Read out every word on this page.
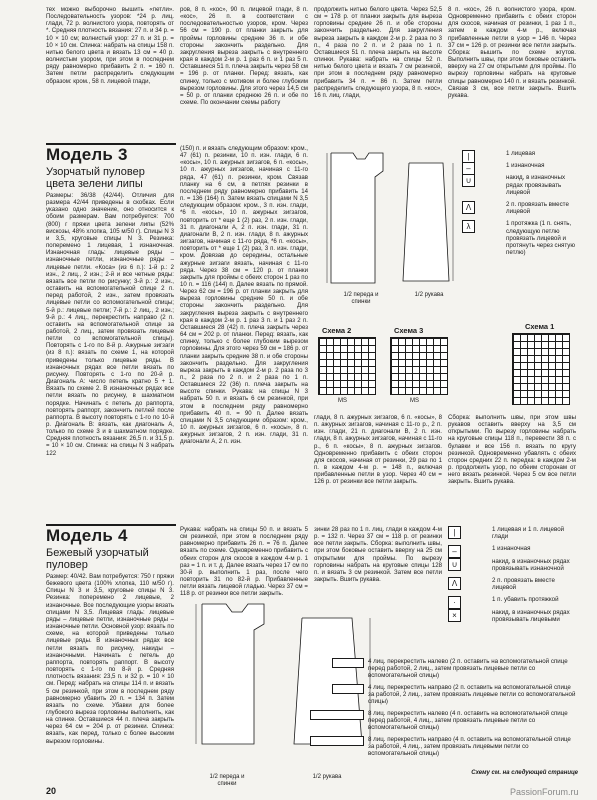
тех можно выборочно вышить «петли». Последовательность узоров: *24 р. лиц. глади, 72 р. волнистого узора, повторять от *. Средняя плотность вязания: 27 п. и 34 р. = 10 × 10 см; волнистый узор: 27 п. и 31 р. = 10 × 10 см. Спинка: набрать на спицы 158 п. нитью белого цвета и вязать 13 см = 40 р. волнистым узором, при этом в последнем ряду равномерно прибавить 2 п. = 160 п. Затем петли распределить следующим образом: кром., 58 п. лицевой глади,
ров, 8 п. «кос», 90 п. лицевой глади, 8 п. «кос», 26 п. в соответствии с последовательностью узоров, кром. Через 56 см = 190 р. от планки закрыть для проймы горловины средние 36 п. и обе стороны закончить раздельно. Для закругления выреза закрыть с внутреннего края в каждом 2-м р. 1 раз 6 п. и 1 раз 5 п. Оставшиеся 51 п. плеча закрыть через 58 см = 196 р. от планки. Перед: вязать, как спинку, только с мотивом и более глубоким вырезом горловины. Для этого через 14,5 см = 50 р. от планки среднюю 26 п. и обе по схеме. По окончании схемы работу
продолжить нитью белого цвета. Через 52,5 см = 178 р. от планки закрыть для выреза горловины средние 26 п. и обе стороны закончить раздельно. Для закругления выреза закрыть в каждом 2-м р. 2 раза по 3 п., 4 раза по 2 п. и 2 раза по 1 п. Оставшиеся 51 п. плеча закрыть на высоте спинки. Рукава: набрать на спицы 52 п. нитью белого цвета и вязать 7 см резинкой, при этом в последнем ряду равномерно прибавить 34 п. = 86 п. Затем петли распределить следующего узора, 8 п. «кос», 16 п. лиц. глади,
8 п. «кос», 26 п. волнистого узора, кром. Одновременно прибавить с обеих сторон для скосов, начиная от резинки, 1 раз 1 п., затем в каждом 4-м р., включая прибавленные петли в узор = 146 п. Через 37 см = 126 р. от резинки все петли закрыть. Сборка: вышить по схеме жгутов. Выполнить швы, при этом боковые оставить вверху на 27 см открытыми для проймы. По вырезу горловины набрать на круговые спицы равномерно 140 п. и вязать резинкой. Связав 3 см, все петли закрыть. Вшить рукава.
Модель 3
Узорчатый пуловер цвета зелени липы
Размеры: 36/38 (42/44). Отличия для размера 42/44 приведены в скобках. Если указано одно значение, оно относится к обоим размерам. Вам потребуется: 700 (800) г пряжи цвета зелени липы (52% вискозы, 48% хлопка, 105 м/50 г). Спицы N 3 и 3,5, круговые спицы N 3. Резинка: поперемено 1 лицевая, 1 изнаночная. Изнаночная гладь: лицевые ряды – изнаночные петли, изнаночные ряды – лицевые петли. «Коса» (из 6 п.): 1-й р.: 2 изн., 2 лиц., 2 изн.; 2-й и все четные ряды: вязать все петли по рисунку; 3-й р.: 2 изн., оставить на вспомогательной спице 2 п. перед работой, 2 изн., затем провязать лицевые петли со вспомогательной спицы; 5-й р.: лицевые петли; 7-й р.: 2 лиц., 2 изн.; 9-й р.: 4 лиц., перекрестить направо (2 п. оставить на вспомогательной спице за работой, 2 лиц., затем провязать лицевые петли со вспомогательной спицы). Повторять с 1-го по 8-й р. Ажурные зигзаги (из 8 п.): вязать по схеме 1, на которой приведены только лицевые ряды. В изнаночных рядах все петли вязать по рисунку. Повторять с 1-го по 20-й р. Диагональ А: число петель кратно 5 + 1. Вязать по схеме 2. В изнаночных рядах все петли вязать по рисунку, в шахматном порядке. Начинать с петель до раппорта, повторять раппорт, закончить петлей после раппорта. В высоту повторять с 1-го по 10-й р. Диагональ B: вязать, как диагональ А, только по схеме 3 и в шахматном порядке. Средняя плотность вязания: 26,5 п. и 31,5 р. = 10 × 10 см. Спинка: на спицы N 3 набрать 122
(150) п. и вязать следующим образом: кром., 47 (61) п. резинки, 10 п. изн. глади, 6 п. «косы», 10 п. ажурных зигзагов, 6 п. «косы», 10 п. ажурных зигзагов, начиная с 11-го ряда, 47 (61) п. резинки, кром. Связав планку на 6 см, в петлях резинки в последнем ряду равномерно прибавить 14 п. = 136 (164) п. Затем вязать спицами N 3,5 следующим образом: кром., 3 п. изн. глади, *6 п. «косы», 10 п. ажурных зигзагов, повторить от * еще 1 (2) раз, 2 п. изн. глади, 31 п. диагонали А, 2 п. изн. глади, 31 п. диагонали B, 2 п. изн. глади, 8 п. ажурных зигзагов, начиная с 11-го ряда, *6 п. «косы», повторить от * еще 1 (2) раз, 3 п. изн. глади, кром. Довязав до середины, остальные ажурные зигзаги вязать, начиная с 11-го ряда. Через 38 см = 120 р. от планки закрыть для проймы с обеих сторон 1 раз по 10 п. = 116 (144) п. Далее вязать по прямой. Через 62 см = 196 р. от планки закрыть для выреза горловины средние 50 п. и обе стороны закончить раздельно. Для закругления выреза закрыть с внутреннего края в каждом 2-м р. 1 раз 3 п. и 1 раз 2 п. Оставшиеся 28 (42) п. плеча закрыть через 64 см = 202 р. от планки. Перед: вязать, как спинку, только с более глубоким вырезом горловины. Для этого через 59 см = 186 р. от планки закрыть средние 38 п. и обе стороны закончить раздельно. Для закругления выреза закрыть в каждом 2-м р. 2 раза по 3 п., 2 раза по 2 п. и 2 раза по 1 п. Оставшиеся 22 (36) п. плеча закрыть на высоте спинки. Рукава: на спицы N 3 набрать 50 п. и вязать 6 см резинкой, при этом в последнем ряду равномерно прибавить 40 п. = 90 п. Далее вязать спицами N 3,5 следующим образом: кром., 10 п. ажурных зигзагов, 6 п. «косы», 8 п. ажурных зигзагов, 2 п. изн. глади, 31 п. диагонали А, 2 п. изн.
1/2 переда и спинки
1/2 рукава
|	1 лицевая
–	1 изнаночная
∪	накид, в изнаночных рядах провязывать лицевой
Λ	2 п. провязать вместе лицевой
λ	1 протяжка (1 п. снять, следующую петлю провязать лицевой и протянуть через снятую петлю)
Схема 1
Схема 2
MS
Схема 3
MS
глади, 8 п. ажурных зигзагов, 6 п. «косы», 8 п. ажурных зигзагов, начиная с 11-го р., 2 п. изн. глади, 21 п. диагонали B, 2 п. изн. глади, 8 п. ажурных зигзагов, начиная с 11-го р., 6 п. «косы», 8 п. ажурных зигзагов. Одновременно прибавить с обеих сторон для скосов, начиная от резинки, 29 раз по 1 п. в каждом 4-м р. = 148 п., включая прибавленные петли в узор. Через 40 см = 126 р. от резинки все петли закрыть.
Сборка: выполнить швы, при этом швы рукавов оставить вверху на 3,5 см открытыми. По вырезу горловины набрать на круговые спицы 118 п., перевести 38 п. с булавки и все 156 п. вязать по кругу резинкой. Одновременно убавлять с обеих сторон средних 22 п. передка: в каждом 2-м р. продолжить узор, по обеим сторонам от него вязать резинкой. Через 5 см все петли закрыть. Вшить рукава.
Модель 4
Бежевый узорчатый пуловер
Размер: 40/42. Вам потребуется: 750 г пряжи бежевого цвета (100% хлопка, 110 м/50 г). Спицы N 3 и 3,5, круговые спицы N 3. Резинка: поперемено 2 лицевые, 2 изнаночные. Все последующие узоры вязать спицами N 3,5. Лицевая гладь: лицевые ряды – лицевые петли, изнаночные ряды – изнаночные петли. Основной узор: вязать по схеме, на которой приведены только лицевые ряды. В изнаночных рядах все петли вязать по рисунку, накиды – изнаночными. Начинать с петель до раппорта, повторять раппорт. В высоту повторять с 1-го по 8-й р. Средняя плотность вязания: 23,5 п. и 32 р. = 10 × 10 см. Перед: набрать на спицы 114 п. и вязать 5 см резинкой, при этом в последнем ряду равномерно убавить 20 п. = 134 п. Затем вязать по схеме. Убавки для более глубокого выреза горловины выполнить, как на спинке. Оставшиеся 44 п. плеча закрыть через 64 см = 204 р. от резинки. Спинка: вязать, как перед, только с более высоким вырезом горловины.
Рукава: набрать на спицы 50 п. и вязать 5 см резинкой, при этом в последнем ряду равномерно прибавить 26 п. = 76 п. Далее вязать по схеме. Одновременно прибавить с обеих сторон для скосов в каждом 4-м р. 1 раз = 1 п. и т. д. Далее вязать через 17 см по 30-й р. выполнить 1 раз, после чего повторить 31 по 82-й р. Прибавленные петли вязать лицевой гладью. Через 37 см = 118 р. от резинки все петли закрыть.
зинки 28 раз по 1 п. лиц. глади в каждом 4-м р. = 132 п. Через 37 см = 118 р. от резинки все петли закрыть. Сборка: выполнить швы, при этом боковые оставить вверху на 25 см открытыми для проймы. По вырезу горловины набрать на круговые спицы 128 п. и вязать 3 см резинкой. Затем все петли закрыть. Вшить рукава.
1/2 переда и спинки
1/2 рукава
|	1 лицевая и 1 п. лицевой глади
–	1 изнаночная
∪	накид, в изнаночных рядах провязывать изнаночной
Λ	2 п. провязать вместе лицевой
·	1 п. убавить протяжкой
×	накид, в изнаночных рядах провязывать лицевыми
4 лиц. перекрестить налево (2 п. оставить на вспомогательной спице перед работой, 2 лиц., затем провязать лицевые петли со вспомогательной спицы)
4 лиц. перекрестить направо (2 п. оставить на вспомогательной спице за работой, 2 лиц., затем провязать лицевые петли со вспомогательной спицы)
8 лиц. перекрестить налево (4 п. оставить на вспомогательной спице перед работой, 4 лиц., затем провязать лицевые петли со вспомогательной спицы)
8 лиц. перекрестить направо (4 п. оставить на вспомогательной спице за работой, 4 лиц., затем провязать лицевыми петли со вспомогательной спицы)
Схему см. на следующей странице
20	PassionForum.ru
